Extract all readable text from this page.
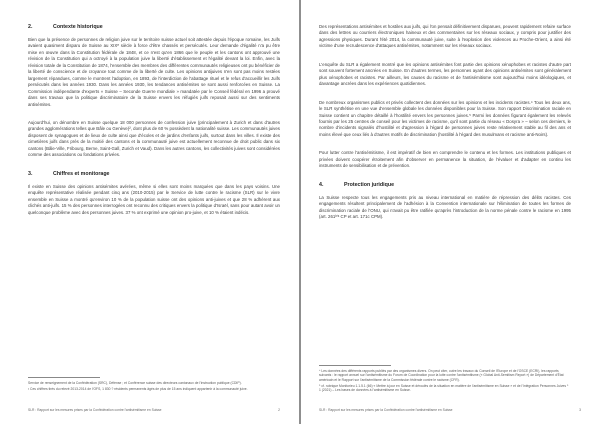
2.	Contexte historique

Bien que la présence de personnes de religion juive sur le territoire suisse actuel soit attestée depuis l'époque romaine, les Juifs avaient quasiment disparu de Suisse au XIXᵉ siècle à force d'être chassés et persécutés. Leur demande d'égalité n'a pu être mise en œuvre dans la Constitution fédérale de 1848, et ce n'est qu'en 1866 que le peuple et les cantons ont approuvé une révision de la Constitution qui a octroyé à la population juive la liberté d'établissement et l'égalité devant la loi. Enfin, avec la révision totale de la Constitution de 1874, l'ensemble des membres des différentes communautés religieuses ont pu bénéficier de la liberté de conscience et de croyance tout comme de la liberté de culte. Les opinions antijuives n'en sont pas moins restées largement répandues, comme le montrent l'adoption, en 1893, de l'interdiction de l'abattage rituel et le refus d'accueillir les Juifs persécutés dans les années 1930. Dans les années 1930, les tendances antisémites se sont aussi renforcées en Suisse. La Commission indépendante d'experts « Suisse – Seconde Guerre mondiale » mandatée par le Conseil fédéral en 1996 a prouvé dans ses travaux que la politique discriminatoire de la Suisse envers les réfugiés juifs reposait aussi sur des sentiments antisémites.

Aujourd'hui, on dénombre en Suisse quelque 18 000 personnes de confession juive (principalement à Zurich et dans d'autres grandes agglomérations telles que Bâle ou Genève)², dont plus de 60 % possèdent la nationalité suisse. Les communautés juives disposent de synagogues et de lieux de culte ainsi que d'écoles et de jardins d'enfants juifs, surtout dans les villes. Il existe des cimetières juifs dans près de la moitié des cantons et la communauté juive est actuellement reconnue de droit public dans six cantons (Bâle-Ville, Fribourg, Berne, Saint-Gall, Zurich et Vaud). Dans les autres cantons, les collectivités juives sont considérées comme des associations ou fondations privées.

3.	Chiffres et monitorage

Il existe en Suisse des opinions antisémites avérées, même si elles sont moins marquées que dans les pays voisins. Une enquête représentative réalisée pendant cinq ans (2010-2015) par le Service de lutte contre le racisme (SLR) sur le vivre ensemble en Suisse a montré qu'environ 10 % de la population suisse ont des opinions anti-juives et que 28 % adhèrent aux clichés anti-juifs. 15 % des personnes interrogées ont reconnu des critiques envers la politique d'Israël, sans pour autant avoir un quelconque problème avec des personnes juives. 37 % ont exprimé une opinion pro-juive, et 10 % étaient indécis.

Service de renseignement de la Confédération (SRC), Défense ; et Conférence suisse des directeurs cantonaux de l'instruction publique (CDIP).

² Ces chiffres tirés du relevé 2013-2014 de l'OFS, 1 830 ? résidents permanents âgés de plus de 15 ans indiquent appartenir à la communauté juive.

SLR : Rapport sur les mesures prises par la Confédération contre l'antisémitisme en Suisse	2

Des représentations antisémites et hostiles aux juifs, qui l'on pensait définitivement disparues, peuvent rapidement refaire surface dans des lettres ou courriers électroniques haineux et des commentaires sur les réseaux sociaux, y compris pour justifier des agressions physiques. Durant l'été 2014, la communauté juive, suite à l'explosion des violences au Proche-Orient, a ainsi été victime d'une recrudescence d'attaques antisémites, notamment sur les réseaux sociaux.

L'enquête du SLR a également montré que les opinions antisémites font partie des opinions xénophobes et racistes d'autre part sont souvent fortement ancrées en Suisse. En d'autres termes, les personnes ayant des opinions antisémites sont généralement plus xénophobes et racistes. Par ailleurs, les causes du racisme et de l'antisémitisme sont aujourd'hui moins idéologiques, et davantage ancrées dans les expériences quotidiennes.

De nombreux organismes publics et privés collectent des données sur les opinions et les incidents racistes.⁴ Tous les deux ans, le SLR synthétise en une vue d'ensemble globale les données disponibles pour la Suisse. Son rapport Discrimination raciale en Suisse contient un chapitre détaillé à l'hostilité envers les personnes juives.⁵ Parmi les données figurant également les relevés fournis par les 25 centres de conseil pour les victimes de racisme, qu'il sont partie du réseau « Dosyra » – selon ces derniers, le nombre d'incidents signalés d'hostilité et d'agression à l'égard de personnes juives reste relativement stable au fil des ans et moins élevé que ceux liés à d'autres motifs de discrimination (hostilité à l'égard des musulmans et racisme anti-Noirs).

Pour lutter contre l'antisémitisme, il est impératif de bien en comprendre le contenu et les formes. Les institutions publiques et privées doivent coopérer étroitement afin d'observer en permanence la situation, de l'évaluer et d'adapter en continu les instruments de sensibilisation et de prévention.

4.	Protection juridique

La Suisse respecte tous les engagements pris au niveau international en matière de répression des délits racistes. Ces engagements résultent principalement de l'adhésion à la Convention internationale sur l'élimination de toutes les formes de discrimination raciale de l'ONU, qui n'avait pu être ratifiée qu'après l'introduction de la norme pénale contre le racisme en 1995 (art. 261ᵇⁱˢ CP et art. 171c CPM).

⁴ Les données des différents rapports publiés par des organismes divers. On peut citer, outre les travaux du Conseil de l'Europe et de l'OSCE (ECRI), les rapports suivants : le rapport annuel sur l'antisémitisme du Forum de Coordination pour la lutte contre l'antisémitisme (« Global Anti-Semitism Report ») de Département d'État américain et le Rapport sur l'antisémitisme de la Commission fédérale contre le racisme (CFR).

⁵ cf. rubrique Monitorieu 1.1.5.1 (66) « Mettre à jour en Suisse et déroulés de la situation en matière de l'antisémitisme en Suisse » et de l'Intégration Personnes Juives ⁵ 1 (2021) – Les bases de données à l'antisémitisme en Suisse.

SLR : Rapport sur les mesures prises par la Confédération contre l'antisémitisme en Suisse	3
